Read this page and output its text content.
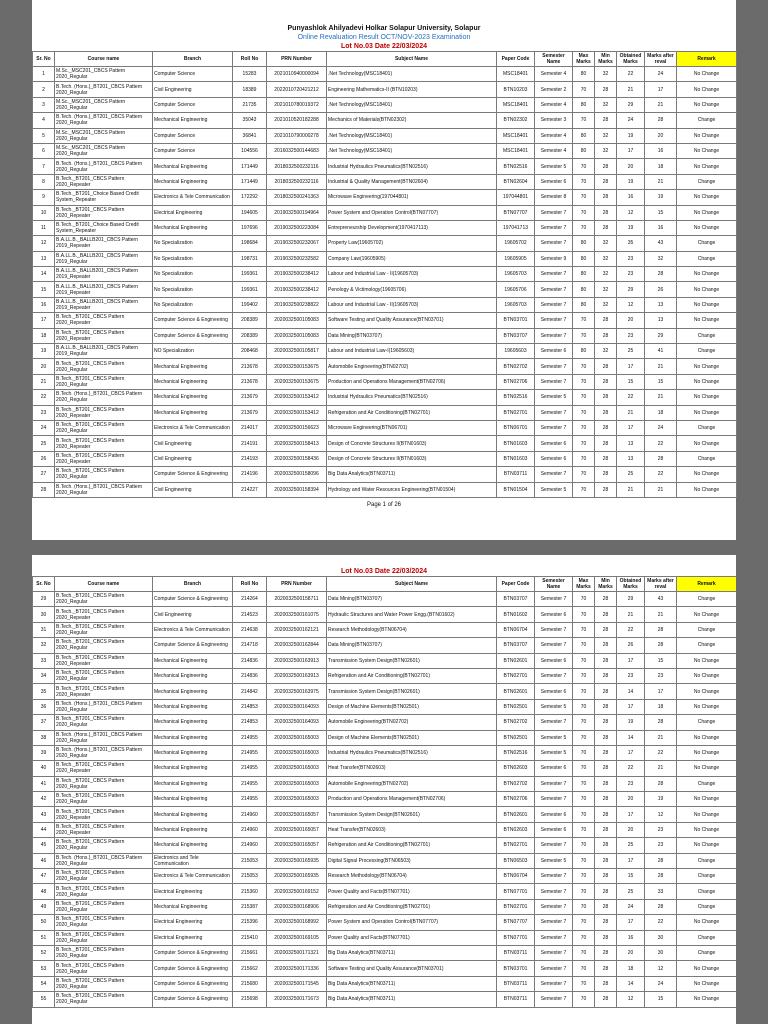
Punyashlok Ahilyadevi Holkar Solapur University, Solapur
Online Revaluation Result OCT/NOV-2023 Examination
Lot No.03 Date 22/03/2024
Sr. No	Course name	Branch	Roll No	PRN Number	Subject Name	Paper Code	Semester Name	Max Marks	Min Marks	Obtained Marks	Marks after reval	Remark
1	M.Sc._MSC201_CBCS Pattern 2020_Regular	Computer Science	15283	2021010940000094	.Net Technology(MSC18401)	MSC18401	Semester 4	80	32	22	24	No Change
2	B.Tech. (Hons.)_BT201_CBCS Pattern 2020_Regular	Civil Engineering	18389	2022010720421212	Engineering Mathematics-II (BTN10203)	BTN10203	Semester 2	70	28	21	17	No Change
3	M.Sc._MSC201_CBCS Pattern 2020_Regular	Computer Science	21735	2021010780019372	.Net Technology(MSC18401)	MSC18401	Semester 4	80	32	29	21	No Change
4	B.Tech. (Hons.)_BT201_CBCS Pattern 2020_Regular	Mechanical Engineering	35043	2021010520182288	Mechanics of Materials(BTN02302)	BTN02302	Semester 3	70	28	24	28	Change
5	M.Sc._MSC201_CBCS Pattern 2020_Regular	Computer Science	36841	2021010790000278	.Net Technology(MSC18401)	MSC18401	Semester 4	80	32	19	20	No Change
6	M.Sc._MSC201_CBCS Pattern 2020_Regular	Computer Science	104556	2016032500144683	.Net Technology(MSC18401)	MSC18401	Semester 4	80	32	17	16	No Change
7	B.Tech. (Hons.)_BT201_CBCS Pattern 2020_Regular	Mechanical Engineering	171449	2018032500232116	Industrial Hydraulics Pneumatics(BTN02516)	BTN02516	Semester 5	70	28	20	18	No Change
8	B.Tech._BT201_CBCS Pattern 2020_Repeater	Mechanical Engineering	171449	2018032500232116	Industrial & Quality Management(BTN02604)	BTN02604	Semester 6	70	28	19	21	Change
9	B.Tech._BT201_Choice Based Credit System_Repeater	Electronics & Tele Communication	172292	2018032500241363	Microwave Engineering(197044801)	197044801	Semester 8	70	28	16	19	No Change
10	B.Tech._BT201_CBCS Pattern 2020_Repeater	Electrical Engineering	194605	2019032500194964	Power System and Operation Control(BTN07707)	BTN07707	Semester 7	70	28	12	15	No Change
11	B.Tech._BT201_Choice Based Credit System_Repeater	Mechanical Engineering	197696	2019032500223084	Entrepreneurship Development(1970417113)	197041713	Semester 7	70	28	19	16	No Change
12	B.A.LL.B._BALLB201_CBCS Pattern 2019_Repeater	No Specialization	198684	2019032500232067	Property Law(19605702)	19605702	Semester 7	80	32	35	43	Change
13	B.A.LL.B._BALLB201_CBCS Pattern 2019_Regular	No Specialization	198731	2019032500232582	Company Law(19605905)	19605905	Semester 9	80	32	23	32	Change
14	B.A.LL.B._BALLB201_CBCS Pattern 2019_Repeater	No Specialization	199361	2019032500238412	Labour and Industrial Law - II(19605703)	19605703	Semester 7	80	32	23	28	No Change
15	B.A.LL.B._BALLB201_CBCS Pattern 2019_Repeater	No Specialization	199361	2019032500238412	Penology & Victimology(19605706)	19605706	Semester 7	80	32	29	26	No Change
16	B.A.LL.B._BALLB201_CBCS Pattern 2019_Repeater	No Specialization	199402	2019032500238822	Labour and Industrial Law - II(19605703)	19605703	Semester 7	80	32	12	13	No Change
17	B.Tech._BT201_CBCS Pattern 2020_Repeater	Computer Science & Engineering	208389	2020032500105083	Software Testing and Quality Assurance(BTN03701)	BTN03701	Semester 7	70	28	20	13	No Change
18	B.Tech._BT201_CBCS Pattern 2020_Repeater	Computer Science & Engineering	208389	2020032500105083	Data Mining(BTN03707)	BTN03707	Semester 7	70	28	23	29	Change
19	B.A.LL.B._BALLB201_CBCS Pattern 2019_Regular	NO Specialization	208468	2020032500105817	Labour and Industrial Law-I(19605603)	19605603	Semester 6	80	32	25	41	Change
20	B.Tech._BT201_CBCS Pattern 2020_Regular	Mechanical Engineering	213678	2020032500153675	Automobile Engineering(BTN02702)	BTN02702	Semester 7	70	28	17	21	No Change
21	B.Tech._BT201_CBCS Pattern 2020_Regular	Mechanical Engineering	213678	2020032500153675	Production and Operations Management(BTN02706)	BTN02706	Semester 7	70	28	15	15	No Change
22	B.Tech. (Hons.)_BT201_CBCS Pattern 2020_Regular	Mechanical Engineering	213679	2020032500153412	Industrial Hydraulics Pneumatics(BTN02516)	BTN02516	Semester 5	70	28	22	21	No Change
23	B.Tech._BT201_CBCS Pattern 2020_Repeater	Mechanical Engineering	213679	2020032500153412	Refrigeration and Air Conditioning(BTN02701)	BTN02701	Semester 7	70	28	21	18	No Change
24	B.Tech._BT201_CBCS Pattern 2020_Regular	Electronics & Tele Communication	214017	2020032500156623	Microwave Engineering(BTN06701)	BTN06701	Semester 7	70	28	17	24	Change
25	B.Tech._BT201_CBCS Pattern 2020_Repeater	Civil Engineering	214191	2020032500158413	Design of Concrete Structures II(BTN01603)	BTN01603	Semester 6	70	28	13	22	No Change
26	B.Tech._BT201_CBCS Pattern 2020_Repeater	Civil Engineering	214193	2020032500158436	Design of Concrete Structures II(BTN01603)	BTN01603	Semester 6	70	28	13	28	Change
27	B.Tech._BT201_CBCS Pattern 2020_Regular	Computer Science & Engineering	214196	2020032500158096	Big Data Analytics(BTN03711)	BTN03711	Semester 7	70	28	25	22	No Change
28	B.Tech. (Hons.)_BT201_CBCS Pattern 2020_Regular	Civil Engineering	214227	2020032500158394	Hydrology and Water Resources Engineering(BTN01504)	BTN01504	Semester 5	70	28	21	21	No Change
Page 1 of 26
Lot No.03 Date 22/03/2024
Sr. No	Course name	Branch	Roll No	PRN Number	Subject Name	Paper Code	Semester Name	Max Marks	Min Marks	Obtained Marks	Marks after reval	Remark
29	B.Tech._BT201_CBCS Pattern 2020_Regular	Computer Science & Engineering	214264	2020032500158711	Data Mining(BTN03707)	BTN03707	Semester 7	70	28	29	43	Change
30	B.Tech._BT201_CBCS Pattern 2020_Repeater	Civil Engineering	214523	2020032500161075	Hydraulic Structures and Water Power Engg.(BTN01602)	BTN01602	Semester 6	70	28	21	21	No Change
31	B.Tech._BT201_CBCS Pattern 2020_Regular	Electronics & Tele Communication	214638	2020032500162121	Research Methodology(BTN06704)	BTN06704	Semester 7	70	28	22	28	Change
32	B.Tech._BT201_CBCS Pattern 2020_Regular	Computer Science & Engineering	214718	2020032500162844	Data Mining(BTN03707)	BTN03707	Semester 7	70	28	26	28	Change
33	B.Tech._BT201_CBCS Pattern 2020_Repeater	Mechanical Engineering	214836	2020032500163913	Transmission System Design(BTN02601)	BTN02601	Semester 6	70	28	17	15	No Change
34	B.Tech._BT201_CBCS Pattern 2020_Regular	Mechanical Engineering	214836	2020032500163913	Refrigeration and Air Conditioning(BTN02701)	BTN02701	Semester 7	70	28	23	23	No Change
35	B.Tech._BT201_CBCS Pattern 2020_Repeater	Mechanical Engineering	214842	2020032500163975	Transmission System Design(BTN02601)	BTN02601	Semester 6	70	28	14	17	No Change
36	B.Tech. (Hons.)_BT201_CBCS Pattern 2020_Regular	Mechanical Engineering	214853	2020032500164093	Design of Machine Elements(BTN02501)	BTN02501	Semester 5	70	28	17	18	No Change
37	B.Tech._BT201_CBCS Pattern 2020_Regular	Mechanical Engineering	214853	2020032500164093	Automobile Engineering(BTN02702)	BTN02702	Semester 7	70	28	19	28	Change
38	B.Tech. (Hons.)_BT201_CBCS Pattern 2020_Regular	Mechanical Engineering	214955	2020032500165003	Design of Machine Elements(BTN02501)	BTN02501	Semester 5	70	28	14	21	No Change
39	B.Tech. (Hons.)_BT201_CBCS Pattern 2020_Regular	Mechanical Engineering	214955	2020032500165003	Industrial Hydraulics Pneumatics(BTN02516)	BTN02516	Semester 5	70	28	17	22	No Change
40	B.Tech._BT201_CBCS Pattern 2020_Repeater	Mechanical Engineering	214955	2020032500165003	Heat Transfer(BTN02603)	BTN02603	Semester 6	70	28	22	21	No Change
41	B.Tech._BT201_CBCS Pattern 2020_Regular	Mechanical Engineering	214955	2020032500165003	Automobile Engineering(BTN02702)	BTN02702	Semester 7	70	28	23	28	Change
42	B.Tech._BT201_CBCS Pattern 2020_Regular	Mechanical Engineering	214955	2020032500165003	Production and Operations Management(BTN02706)	BTN02706	Semester 7	70	28	20	19	No Change
43	B.Tech._BT201_CBCS Pattern 2020_Repeater	Mechanical Engineering	214960	2020032500165057	Transmission System Design(BTN02601)	BTN02601	Semester 6	70	28	17	12	No Change
44	B.Tech._BT201_CBCS Pattern 2020_Repeater	Mechanical Engineering	214960	2020032500165057	Heat Transfer(BTN02603)	BTN02603	Semester 6	70	28	20	23	No Change
45	B.Tech._BT201_CBCS Pattern 2020_Regular	Mechanical Engineering	214960	2020032500165057	Refrigeration and Air Conditioning(BTN02701)	BTN02701	Semester 7	70	28	25	23	No Change
46	B.Tech. (Hons.)_BT201_CBCS Pattern 2020_Regular	Electronics and Tele Communication	215053	2020032500165935	Digital Signal Processing(BTN06503)	BTN06503	Semester 5	70	28	17	28	Change
47	B.Tech._BT201_CBCS Pattern 2020_Regular	Electronics & Tele Communication	215053	2020032500165935	Research Methodology(BTN06704)	BTN06704	Semester 7	70	28	15	28	Change
48	B.Tech._BT201_CBCS Pattern 2020_Regular	Electrical Engineering	215360	2020032500169152	Power Quality and Facts(BTN07701)	BTN07701	Semester 7	70	28	25	33	Change
49	B.Tech._BT201_CBCS Pattern 2020_Regular	Mechanical Engineering	215387	2020032500168906	Refrigeration and Air Conditioning(BTN02701)	BTN02701	Semester 7	70	28	24	28	Change
50	B.Tech._BT201_CBCS Pattern 2020_Regular	Electrical Engineering	215396	2020032500168992	Power System and Operation Control(BTN07707)	BTN07707	Semester 7	70	28	17	22	No Change
51	B.Tech._BT201_CBCS Pattern 2020_Regular	Electrical Engineering	215410	2020032500169105	Power Quality and Facts(BTN07701)	BTN07701	Semester 7	70	28	16	30	Change
52	B.Tech._BT201_CBCS Pattern 2020_Regular	Computer Science & Engineering	215661	2020032500171321	Big Data Analytics(BTN03711)	BTN03711	Semester 7	70	28	20	30	Change
53	B.Tech._BT201_CBCS Pattern 2020_Regular	Computer Science & Engineering	215662	2020032500171336	Software Testing and Quality Assurance(BTN03701)	BTN03701	Semester 7	70	28	18	12	No Change
54	B.Tech._BT201_CBCS Pattern 2020_Regular	Computer Science & Engineering	215680	2020032500171545	Big Data Analytics(BTN03711)	BTN03711	Semester 7	70	28	14	24	No Change
55	B.Tech._BT201_CBCS Pattern 2020_Regular	Computer Science & Engineering	215698	2020032500171673	Big Data Analytics(BTN03711)	BTN03711	Semester 7	70	28	12	15	No Change
